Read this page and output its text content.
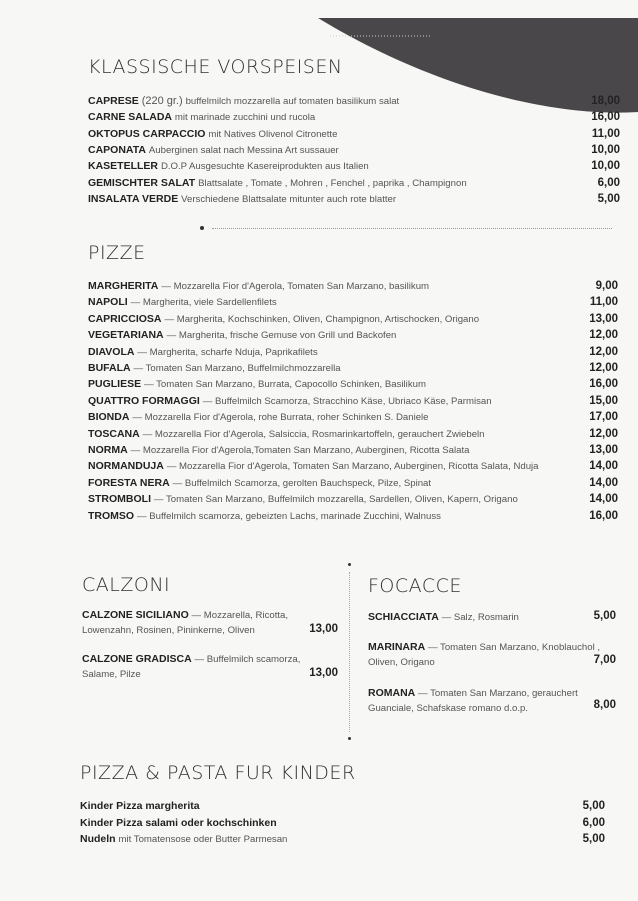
KLASSISCHE VORSPEISEN
CAPRESE (220 gr.) buffelmilch mozzarella auf tomaten basilikum salat	18,00
CARNE SALADA mit marinade zucchini und rucola	16,00
OKTOPUS CARPACCIO mit Natives Olivenol Citronette	11,00
CAPONATA Auberginen salat nach Messina Art sussauer	10,00
KASETELLER D.O.P Ausgesuchte Kasereiprodukten aus Italien	10,00
GEMISCHTER SALAT Blattsalate , Tomate , Mohren , Fenchel , paprika , Champignon	6,00
INSALATA VERDE Verschiedene Blattsalate mitunter auch rote blatter	5,00
PIZZE
MARGHERITA — Mozzarella Fior d'Agerola, Tomaten San Marzano, basilikum	9,00
NAPOLI — Margherita, viele Sardellenfilets	11,00
CAPRICCIOSA — Margherita, Kochschinken, Oliven, Champignon, Artischocken, Origano	13,00
VEGETARIANA — Margherita, frische Gemuse von Grill und Backofen	12,00
DIAVOLA — Margherita, scharfe Nduja, Paprikafilets	12,00
BUFALA — Tomaten San Marzano, Buffelmilchmozzarella	12,00
PUGLIESE — Tomaten San Marzano, Burrata, Capocollo Schinken, Basilikum	16,00
QUATTRO FORMAGGI — Buffelmilch Scamorza, Stracchino Käse, Ubriaco Käse, Parmisan	15,00
BIONDA — Mozzarella Fior d'Agerola, rohe Burrata, roher Schinken S. Daniele	17,00
TOSCANA — Mozzarella Fior d'Agerola, Salsiccia, Rosmarinkartoffeln, gerauchert Zwiebeln	12,00
NORMA — Mozzarella Fior d'Agerola,Tomaten San Marzano, Auberginen, Ricotta Salata	13,00
NORMANDUJA — Mozzarella Fior d'Agerola, Tomaten San Marzano, Auberginen, Ricotta Salata, Nduja	14,00
FORESTA NERA — Buffelmilch Scamorza, gerolten Bauchspeck, Pilze, Spinat	14,00
STROMBOLI — Tomaten San Marzano, Buffelmilch mozzarella, Sardellen, Oliven, Kapern, Origano	14,00
TROMSO — Buffelmilch scamorza, gebeizten Lachs, marinade Zucchini, Walnuss	16,00
CALZONI
CALZONE SICILIANO — Mozzarella, Ricotta,
Lowenzahn, Rosinen, Pininkerne, Oliven	13,00
CALZONE GRADISCA — Buffelmilch scamorza,
Salame, Pilze	13,00
FOCACCE
SCHIACCIATA — Salz, Rosmarin	5,00
MARINARA — Tomaten San Marzano, Knoblauchol ,
Oliven, Origano	7,00
ROMANA — Tomaten San Marzano, gerauchert
Guanciale, Schafskase romano d.o.p.	8,00
PIZZA & PASTA FUR KINDER
Kinder Pizza margherita	5,00
Kinder Pizza salami oder kochschinken	6,00
Nudeln mit Tomatensose oder Butter Parmesan	5,00
